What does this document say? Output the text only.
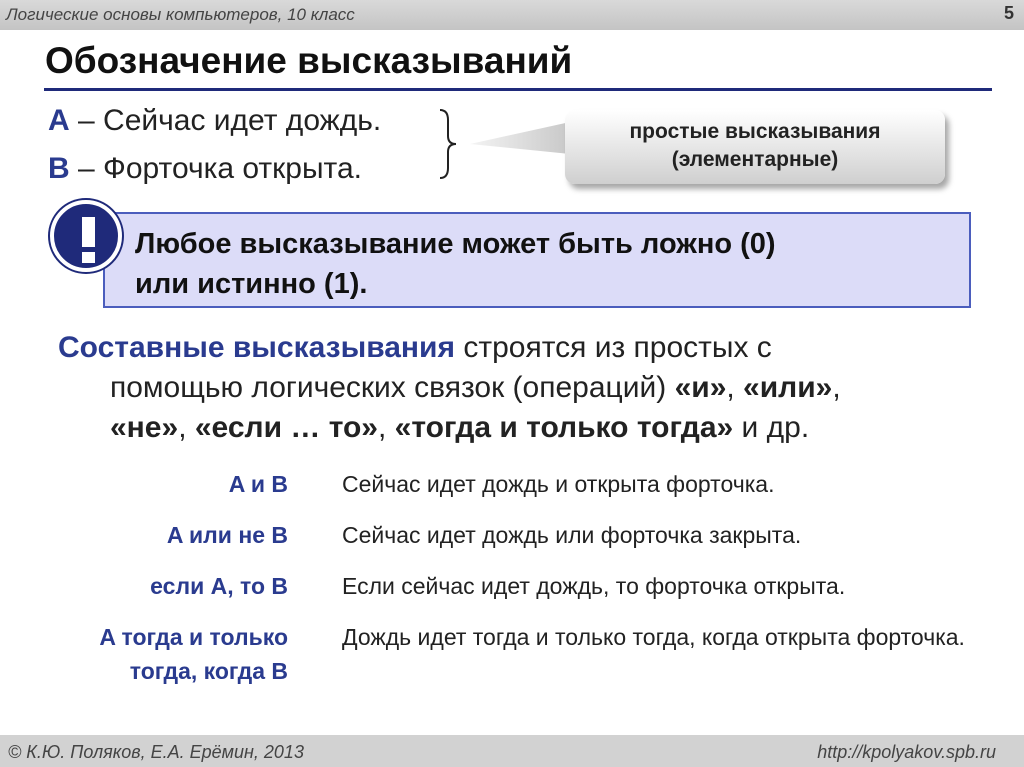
Логические основы компьютеров, 10 класс	5
Обозначение высказываний
A – Сейчас идет дождь.
B – Форточка открыта.
простые высказывания
(элементарные)
Любое высказывание может быть ложно (0)
или истинно (1).
Составные высказывания строятся из простых с
помощью логических связок (операций) «и», «или»,
«не», «если … то», «тогда и только тогда» и др.
A и B Сейчас идет дождь и открыта форточка.
A или не B Сейчас идет дождь или форточка закрыта.
если A, то B Если сейчас идет дождь, то форточка открыта.
A тогда и только
тогда, когда B
Дождь идет тогда и только тогда, когда открыта форточка.
© К.Ю. Поляков, Е.А. Ерёмин, 2013	http://kpolyakov.spb.ru
